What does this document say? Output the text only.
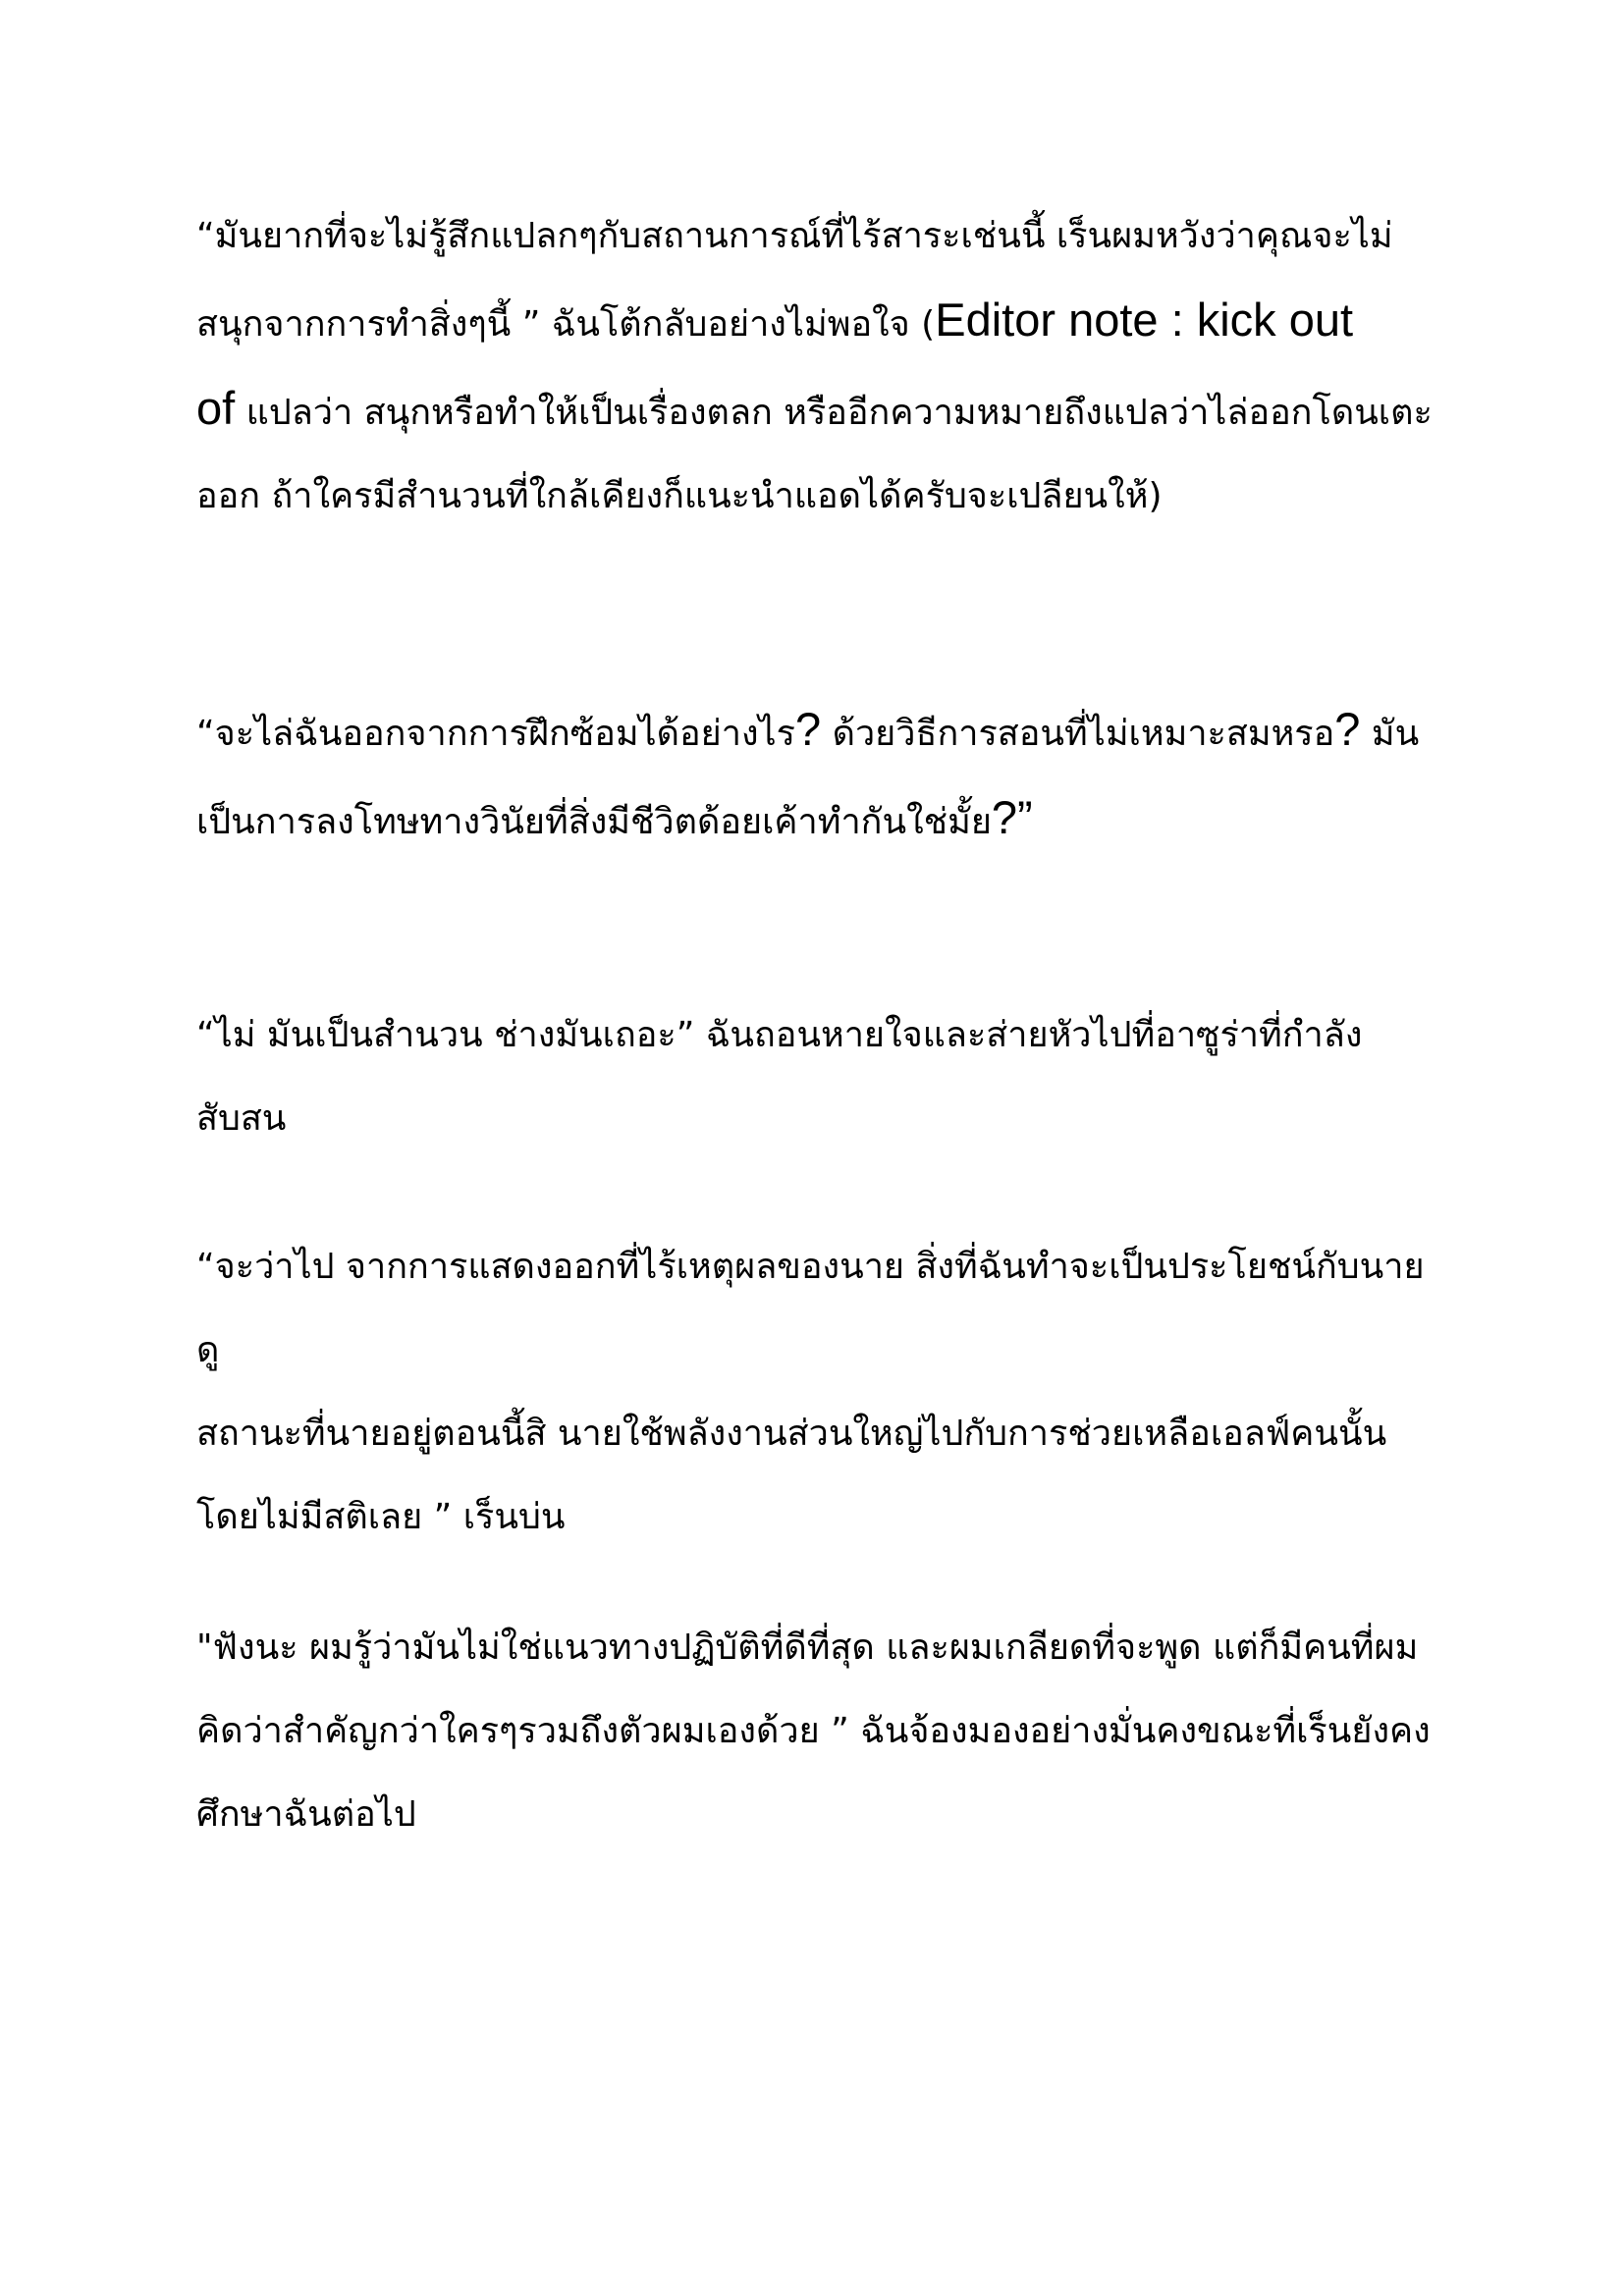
“มันยากที่จะไม่รู้สึกแปลกๆกับสถานการณ์ที่ไร้สาระเช่นนี้ เร็นผมหวังว่าคุณจะไม่
สนุกจากการทำสิ่งๆนี้ ” ฉันโต้กลับอย่างไม่พอใจ (Editor note : kick out
of แปลว่า สนุกหรือทำให้เป็นเรื่องตลก หรืออีกความหมายถึงแปลว่าไล่ออกโดนเตะ
ออก ถ้าใครมีสำนวนที่ใกล้เคียงก็แนะนำแอดได้ครับจะเปลียนให้)

“จะไล่ฉันออกจากการฝึกซ้อมได้อย่างไร? ด้วยวิธีการสอนที่ไม่เหมาะสมหรอ? มัน
เป็นการลงโทษทางวินัยที่สิ่งมีชีวิตด้อยเค้าทำกันใช่มั้ย?”

“ไม่ มันเป็นสำนวน ช่างมันเถอะ” ฉันถอนหายใจและส่ายหัวไปที่อาซูร่าที่กำลังสับสน

“จะว่าไป จากการแสดงออกที่ไร้เหตุผลของนาย สิ่งที่ฉันทำจะเป็นประโยชน์กับนาย ดู
สถานะที่นายอยู่ตอนนี้สิ นายใช้พลังงานส่วนใหญ่ไปกับการช่วยเหลือเอลฟ์คนนั้น
โดยไม่มีสติเลย ” เร็นบ่น

"ฟังนะ ผมรู้ว่ามันไม่ใช่แนวทางปฏิบัติที่ดีที่สุด และผมเกลียดที่จะพูด แต่ก็มีคนที่ผม
คิดว่าสำคัญกว่าใครๆรวมถึงตัวผมเองด้วย ” ฉันจ้องมองอย่างมั่นคงขณะที่เร็นยังคง
ศึกษาฉันต่อไป
